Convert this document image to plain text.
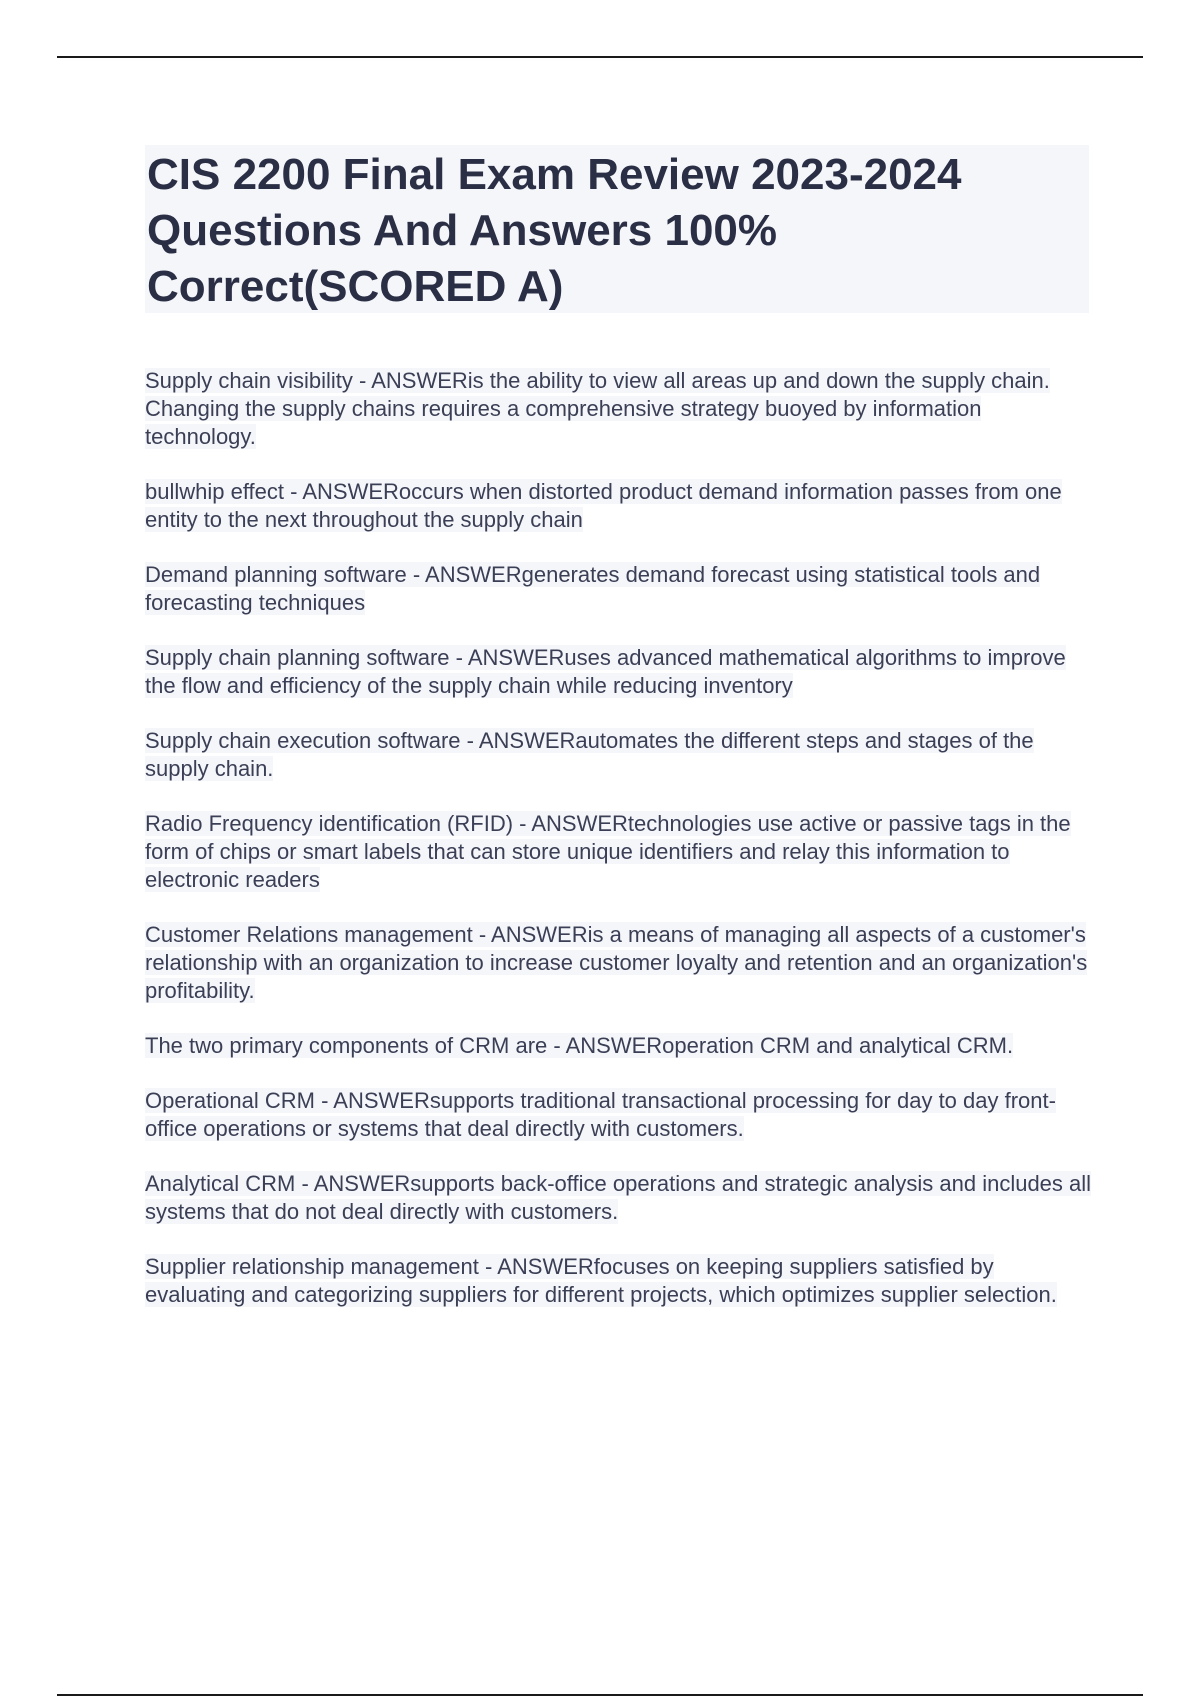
CIS 2200 Final Exam Review 2023-2024 Questions And Answers 100% Correct(SCORED A)

Supply chain visibility - ANSWERis the ability to view all areas up and down the supply chain. Changing the supply chains requires a comprehensive strategy buoyed by information technology.

bullwhip effect - ANSWERoccurs when distorted product demand information passes from one entity to the next throughout the supply chain

Demand planning software - ANSWERgenerates demand forecast using statistical tools and forecasting techniques

Supply chain planning software - ANSWERuses advanced mathematical algorithms to improve the flow and efficiency of the supply chain while reducing inventory

Supply chain execution software - ANSWERautomates the different steps and stages of the supply chain.

Radio Frequency identification (RFID) - ANSWERtechnologies use active or passive tags in the form of chips or smart labels that can store unique identifiers and relay this information to electronic readers

Customer Relations management - ANSWERis a means of managing all aspects of a customer's relationship with an organization to increase customer loyalty and retention and an organization's profitability.

The two primary components of CRM are - ANSWERoperation CRM and analytical CRM.

Operational CRM - ANSWERsupports traditional transactional processing for day to day front-office operations or systems that deal directly with customers.

Analytical CRM - ANSWERsupports back-office operations and strategic analysis and includes all systems that do not deal directly with customers.

Supplier relationship management - ANSWERfocuses on keeping suppliers satisfied by evaluating and categorizing suppliers for different projects, which optimizes supplier selection.
